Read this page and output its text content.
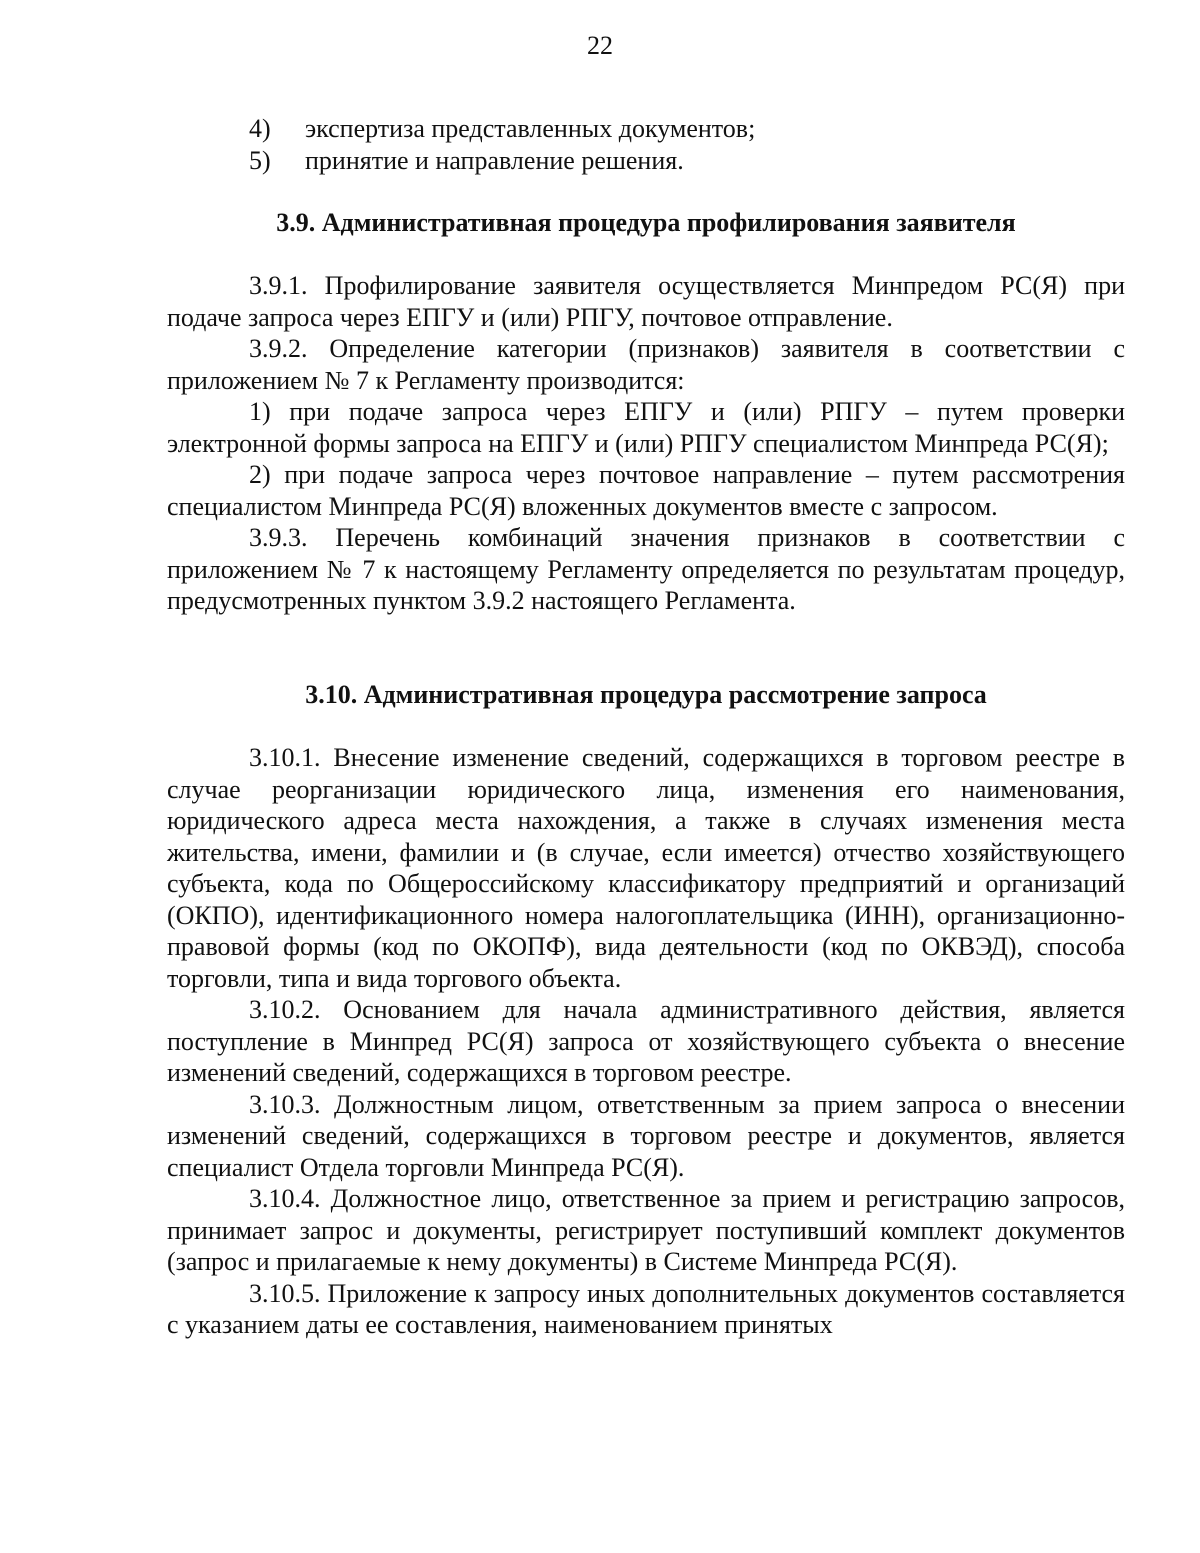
22
4)	экспертиза представленных документов;
5)	принятие и направление решения.
3.9. Административная процедура профилирования заявителя

3.9.1. Профилирование заявителя осуществляется Минпредом РС(Я) при подаче запроса через ЕПГУ и (или) РПГУ, почтовое отправление.

3.9.2. Определение категории (признаков) заявителя в соответствии с приложением № 7 к Регламенту производится:

1) при подаче запроса через ЕПГУ и (или) РПГУ – путем проверки электронной формы запроса на ЕПГУ и (или) РПГУ специалистом Минпреда РС(Я);

2) при подаче запроса через почтовое направление – путем рассмотрения специалистом Минпреда РС(Я) вложенных документов вместе с запросом.

3.9.3. Перечень комбинаций значения признаков в соответствии с приложением № 7 к настоящему Регламенту определяется по результатам процедур, предусмотренных пунктом 3.9.2 настоящего Регламента.

3.10. Административная процедура рассмотрение запроса

3.10.1. Внесение изменение сведений, содержащихся в торговом реестре в случае реорганизации юридического лица, изменения его наименования, юридического адреса места нахождения, а также в случаях изменения места жительства, имени, фамилии и (в случае, если имеется) отчество хозяйствующего субъекта, кода по Общероссийскому классификатору предприятий и организаций (ОКПО), идентификационного номера налогоплательщика (ИНН), организационно-правовой формы (код по ОКОПФ), вида деятельности (код по ОКВЭД), способа торговли, типа и вида торгового объекта.

3.10.2. Основанием для начала административного действия, является поступление в Минпред РС(Я) запроса от хозяйствующего субъекта о внесение изменений сведений, содержащихся в торговом реестре.

3.10.3. Должностным лицом, ответственным за прием запроса о внесении изменений сведений, содержащихся в торговом реестре и документов, является специалист Отдела торговли Минпреда РС(Я).

3.10.4. Должностное лицо, ответственное за прием и регистрацию запросов, принимает запрос и документы, регистрирует поступивший комплект документов (запрос и прилагаемые к нему документы) в Системе Минпреда РС(Я).

3.10.5. Приложение к запросу иных дополнительных документов составляется с указанием даты ее составления, наименованием принятых
